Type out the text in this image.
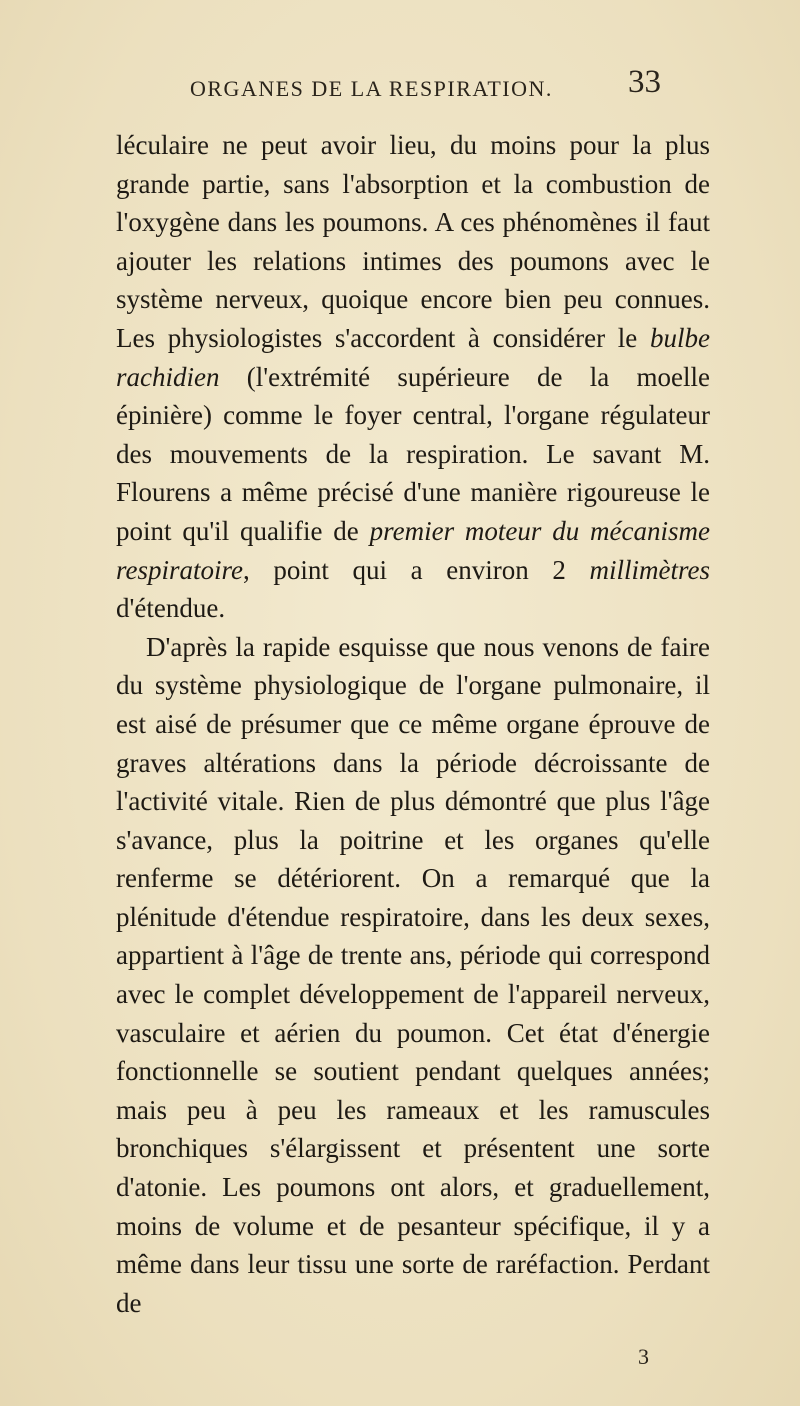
ORGANES DE LA RESPIRATION.	33

léculaire ne peut avoir lieu, du moins pour la plus grande partie, sans l'absorption et la combustion de l'oxygène dans les poumons. A ces phénomènes il faut ajouter les relations intimes des poumons avec le système nerveux, quoique encore bien peu connues. Les physiologistes s'accordent à considérer le bulbe rachidien (l'extrémité supérieure de la moelle épinière) comme le foyer central, l'organe régulateur des mouvements de la respiration. Le savant M. Flourens a même précisé d'une manière rigoureuse le point qu'il qualifie de premier moteur du mécanisme respiratoire, point qui a environ 2 millimètres d'étendue.

D'après la rapide esquisse que nous venons de faire du système physiologique de l'organe pulmonaire, il est aisé de présumer que ce même organe éprouve de graves altérations dans la période décroissante de l'activité vitale. Rien de plus démontré que plus l'âge s'avance, plus la poitrine et les organes qu'elle renferme se détériorent. On a remarqué que la plénitude d'étendue respiratoire, dans les deux sexes, appartient à l'âge de trente ans, période qui correspond avec le complet développement de l'appareil nerveux, vasculaire et aérien du poumon. Cet état d'énergie fonctionnelle se soutient pendant quelques années; mais peu à peu les rameaux et les ramuscules bronchiques s'élargissent et présentent une sorte d'atonie. Les poumons ont alors, et graduellement, moins de volume et de pesanteur spécifique, il y a même dans leur tissu une sorte de raréfaction. Perdant de

3
